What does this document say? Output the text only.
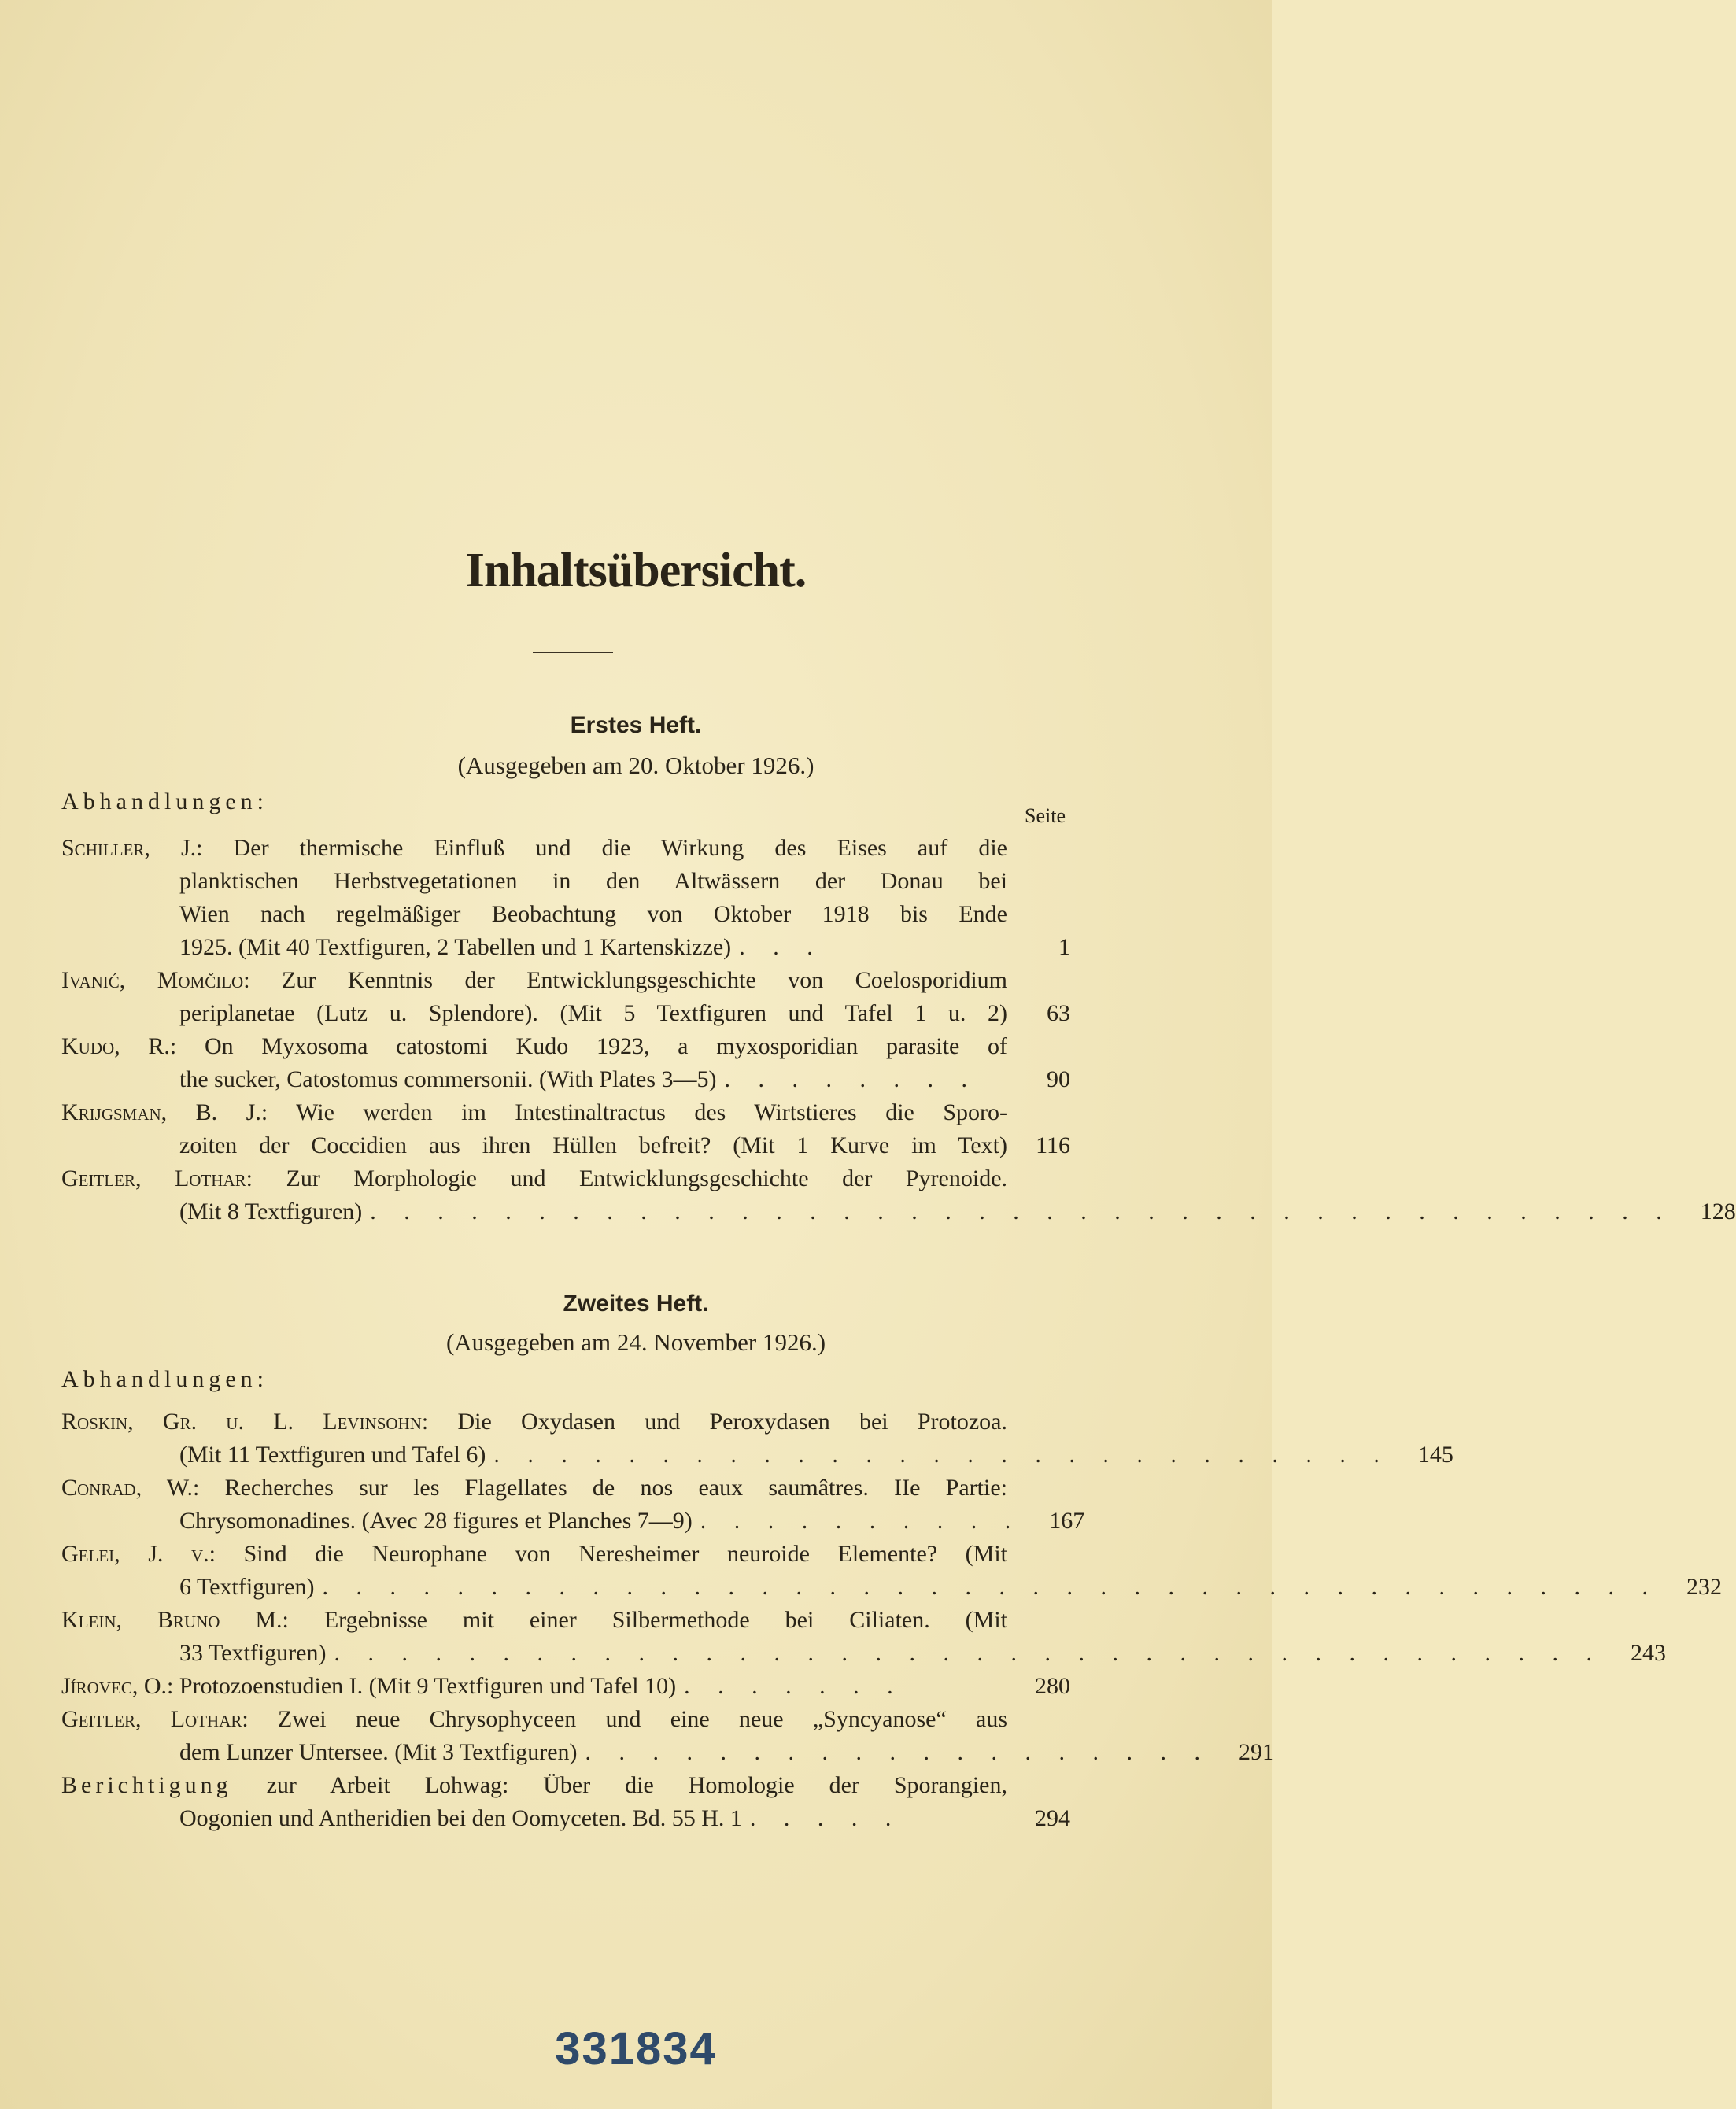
Inhaltsübersicht.
Erstes Heft.
(Ausgegeben am 20. Oktober 1926.)
Abhandlungen:
Seite
Schiller, J.: Der thermische Einfluß und die Wirkung des Eises auf die
planktischen Herbstvegetationen in den Altwässern der Donau bei
Wien nach regelmäßiger Beobachtung von Oktober 1918 bis Ende
1925. (Mit 40 Textfiguren, 2 Tabellen und 1 Kartenskizze) . . .	1
Ivanić, Momčilo: Zur Kenntnis der Entwicklungsgeschichte von Coelosporidium
periplanetae (Lutz u. Splendore). (Mit 5 Textfiguren und Tafel 1 u. 2)	63
Kudo, R.: On Myxosoma catostomi Kudo 1923, a myxosporidian parasite of
the sucker, Catostomus commersonii. (With Plates 3—5) . . . . . . . .	90
Krijgsman, B. J.: Wie werden im Intestinaltractus des Wirtstieres die Sporo-
zoiten der Coccidien aus ihren Hüllen befreit? (Mit 1 Kurve im Text)	116
Geitler, Lothar: Zur Morphologie und Entwicklungsgeschichte der Pyrenoide.
(Mit 8 Textfiguren) . . . . . . . . . . . . . . . . . . . . . . . . . . . . . . . . . . . . . . .	128
Zweites Heft.
(Ausgegeben am 24. November 1926.)
Abhandlungen:
Roskin, Gr. u. L. Levinsohn: Die Oxydasen und Peroxydasen bei Protozoa.
(Mit 11 Textfiguren und Tafel 6) . . . . . . . . . . . . . . . . . . . . . . . . . . .	145
Conrad, W.: Recherches sur les Flagellates de nos eaux saumâtres. IIe Partie:
Chrysomonadines. (Avec 28 figures et Planches 7—9) . . . . . . . . . .	167
Gelei, J. v.: Sind die Neurophane von Nereshеimer neuroide Elemente? (Mit
6 Textfiguren) . . . . . . . . . . . . . . . . . . . . . . . . . . . . . . . . . . . . . . . .	232
Klein, Bruno M.: Ergebnisse mit einer Silbermethode bei Ciliaten. (Mit
33 Textfiguren) . . . . . . . . . . . . . . . . . . . . . . . . . . . . . . . . . . . . . .	243
Jírovec, O.: Protozoenstudien I. (Mit 9 Textfiguren und Tafel 10) . . . . . . .	280
Geitler, Lothar: Zwei neue Chrysophyceen und eine neue „Syncyanose“ aus
dem Lunzer Untersee. (Mit 3 Textfiguren) . . . . . . . . . . . . . . . . . . .	291
Berichtigung zur Arbeit Lohwag: Über die Homologie der Sporangien,
Oogonien und Antheridien bei den Oomyceten. Bd. 55 H. 1 . . . . .	294
331834
